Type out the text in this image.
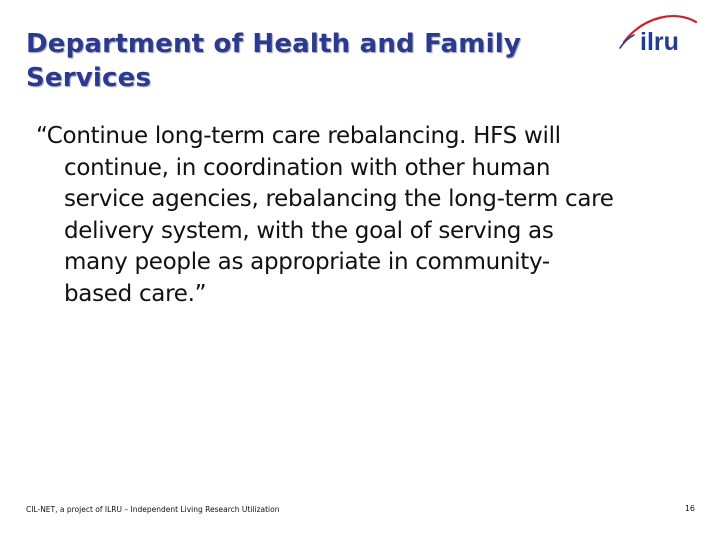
Department of Health and Family
Services
ilru
“Continue long-term care rebalancing. HFS will
continue, in coordination with other human
service agencies, rebalancing the long-term care
delivery system, with the goal of serving as
many people as appropriate in community-
based care.”
CIL-NET, a project of ILRU – Independent Living Research Utilization	16
